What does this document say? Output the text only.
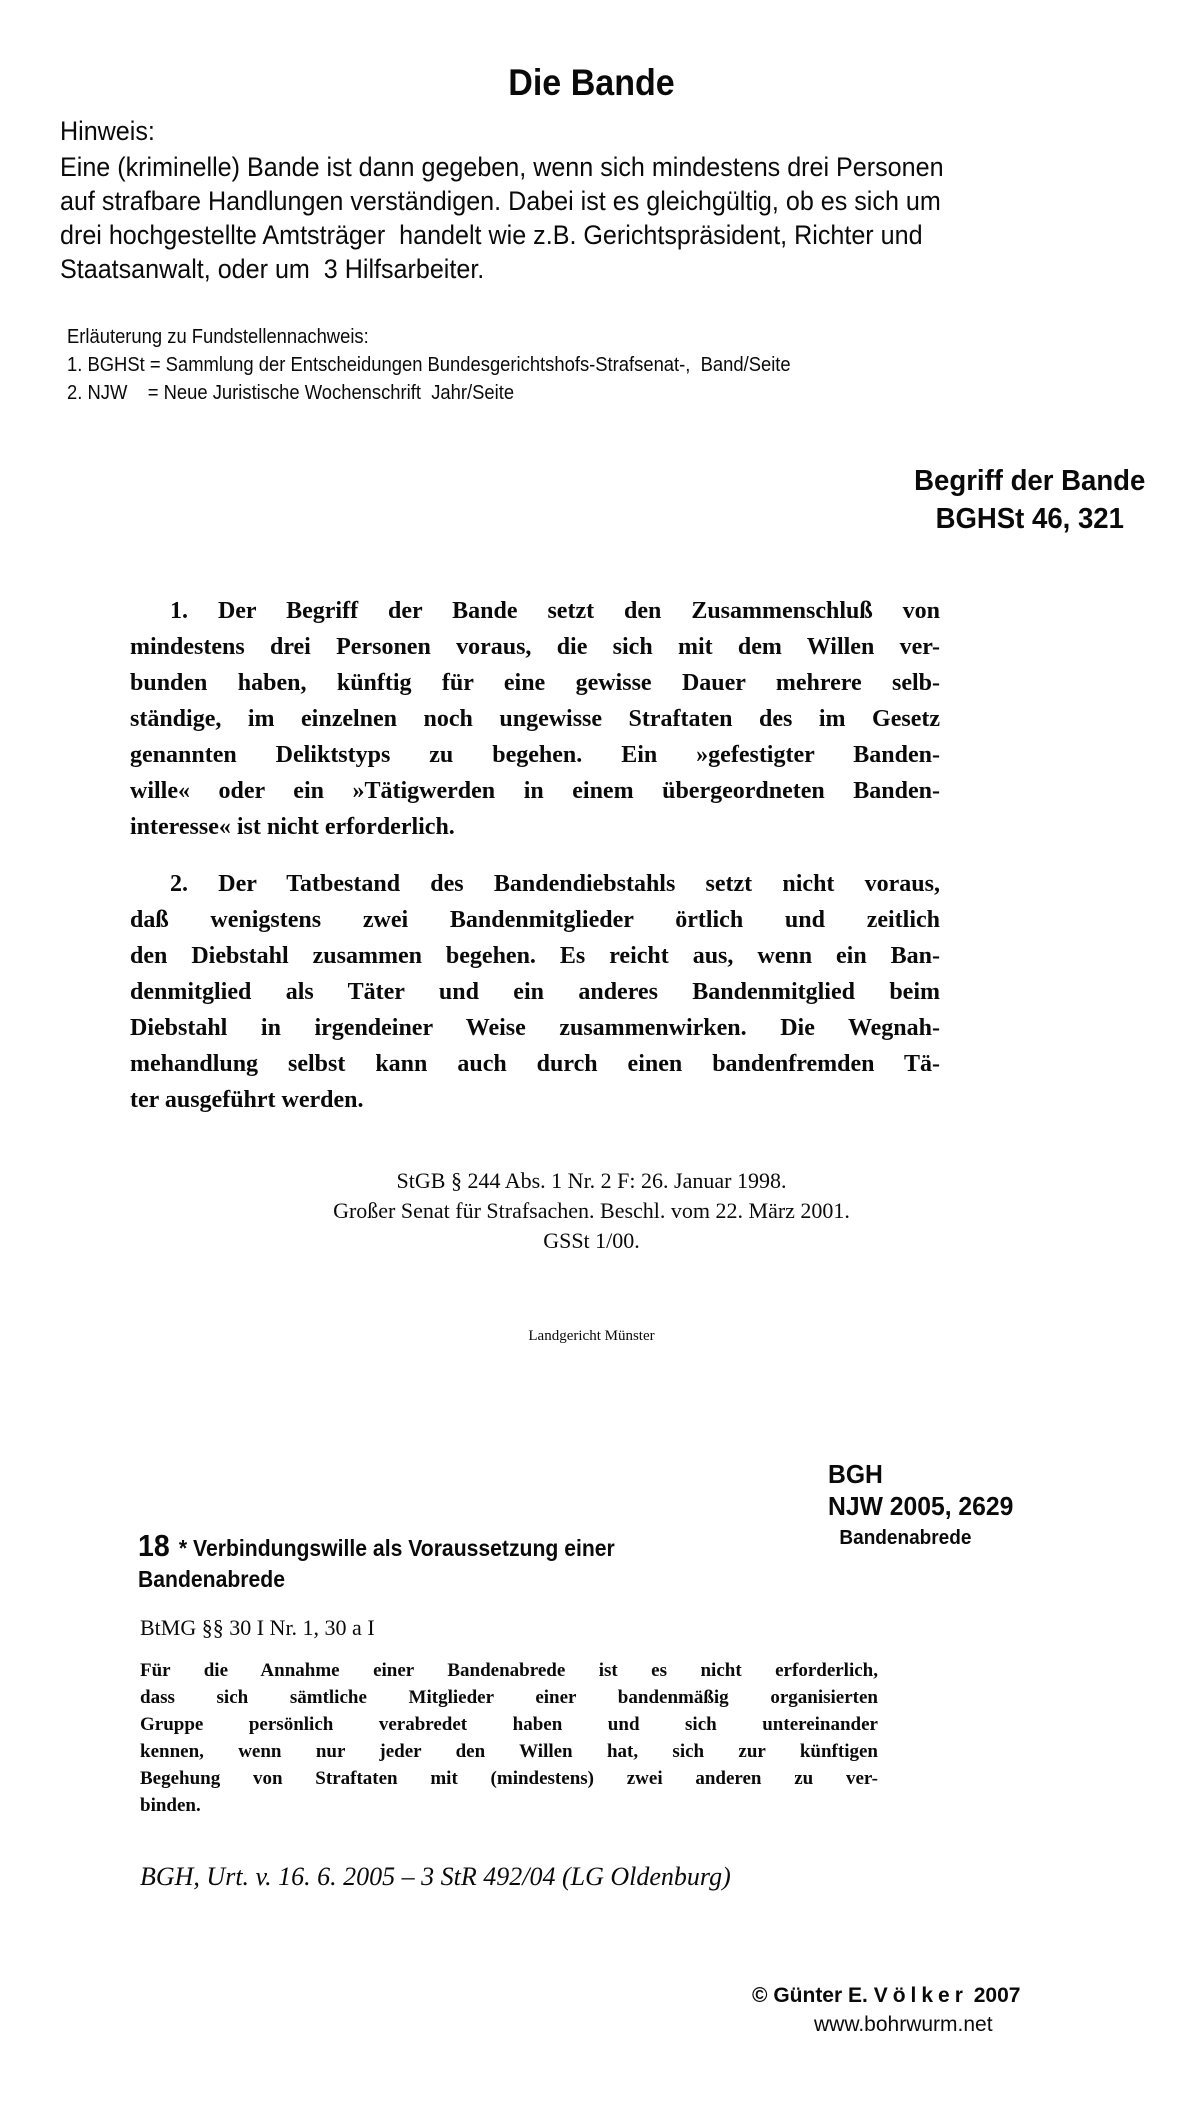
Die Bande
Hinweis:
Eine (kriminelle) Bande ist dann gegeben, wenn sich mindestens drei Personen
auf strafbare Handlungen verständigen. Dabei ist es gleichgültig, ob es sich um
drei hochgestellte Amtsträger  handelt wie z.B. Gerichtspräsident, Richter und
Staatsanwalt, oder um  3 Hilfsarbeiter.
Erläuterung zu Fundstellennachweis:
1. BGHSt = Sammlung der Entscheidungen Bundesgerichtshofs-Strafsenat-,  Band/Seite
2. NJW    = Neue Juristische Wochenschrift  Jahr/Seite
Begriff der Bande
BGHSt 46, 321
1. Der Begriff der Bande setzt den Zusammenschluß von
mindestens drei Personen voraus, die sich mit dem Willen ver-
bunden haben, künftig für eine gewisse Dauer mehrere selb-
ständige, im einzelnen noch ungewisse Straftaten des im Gesetz
genannten Deliktstyps zu begehen. Ein »gefestigter Banden-
wille« oder ein »Tätigwerden in einem übergeordneten Banden-
interesse« ist nicht erforderlich.
2. Der Tatbestand des Bandendiebstahls setzt nicht voraus,
daß wenigstens zwei Bandenmitglieder örtlich und zeitlich
den Diebstahl zusammen begehen. Es reicht aus, wenn ein Ban-
denmitglied als Täter und ein anderes Bandenmitglied beim
Diebstahl in irgendeiner Weise zusammenwirken. Die Wegnah-
mehandlung selbst kann auch durch einen bandenfremden Tä-
ter ausgeführt werden.
StGB § 244 Abs. 1 Nr. 2 F: 26. Januar 1998.
Großer Senat für Strafsachen. Beschl. vom 22. März 2001.
GSSt 1/00.
Landgericht Münster
BGH
NJW 2005, 2629
Bandenabrede
18 * Verbindungswille als Voraussetzung einer
Bandenabrede
BtMG §§ 30 I Nr. 1, 30 a I
Für die Annahme einer Bandenabrede ist es nicht erforderlich,
dass sich sämtliche Mitglieder einer bandenmäßig organisierten
Gruppe persönlich verabredet haben und sich untereinander
kennen, wenn nur jeder den Willen hat, sich zur künftigen
Begehung von Straftaten mit (mindestens) zwei anderen zu ver-
binden.
BGH, Urt. v. 16. 6. 2005 – 3 StR 492/04 (LG Oldenburg)
© Günter E. Völker 2007
www.bohrwurm.net
